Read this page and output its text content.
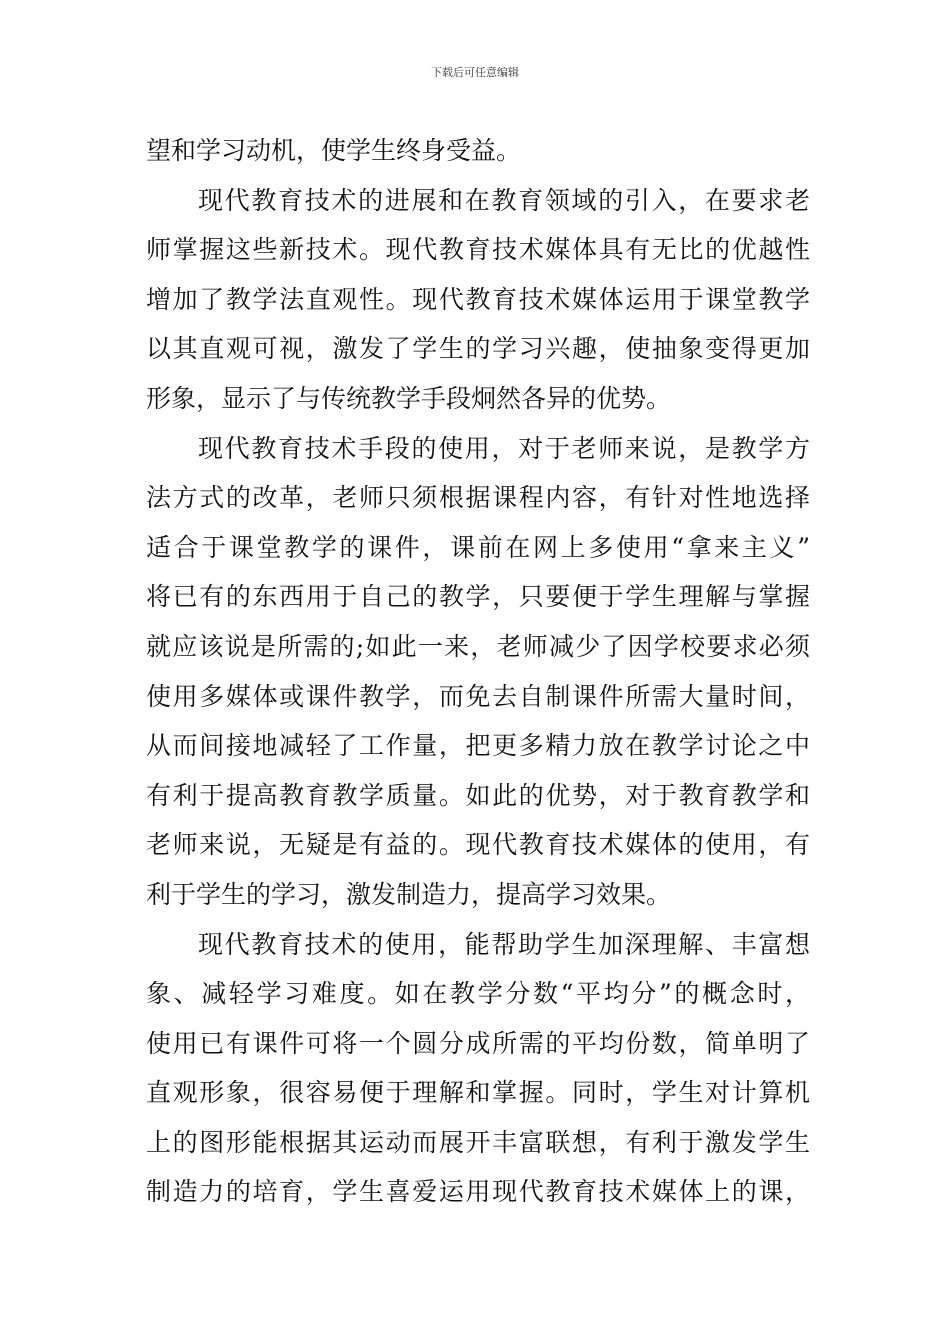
下载后可任意编辑
望和学习动机，使学生终身受益。
现代教育技术的进展和在教育领域的引入，在要求老
师掌握这些新技术。现代教育技术媒体具有无比的优越性
增加了教学法直观性。现代教育技术媒体运用于课堂教学
以其直观可视，激发了学生的学习兴趣，使抽象变得更加
形象，显示了与传统教学手段炯然各异的优势。
现代教育技术手段的使用，对于老师来说，是教学方
法方式的改革，老师只须根据课程内容，有针对性地选择
适合于课堂教学的课件，课前在网上多使用“拿来主义”
将已有的东西用于自己的教学，只要便于学生理解与掌握
就应该说是所需的;如此一来，老师减少了因学校要求必须
使用多媒体或课件教学，而免去自制课件所需大量时间，
从而间接地减轻了工作量，把更多精力放在教学讨论之中
有利于提高教育教学质量。如此的优势，对于教育教学和
老师来说，无疑是有益的。现代教育技术媒体的使用，有
利于学生的学习，激发制造力，提高学习效果。
现代教育技术的使用，能帮助学生加深理解、丰富想
象、减轻学习难度。如在教学分数“平均分”的概念时，
使用已有课件可将一个圆分成所需的平均份数，简单明了
直观形象，很容易便于理解和掌握。同时，学生对计算机
上的图形能根据其运动而展开丰富联想，有利于激发学生
制造力的培育，学生喜爱运用现代教育技术媒体上的课，
